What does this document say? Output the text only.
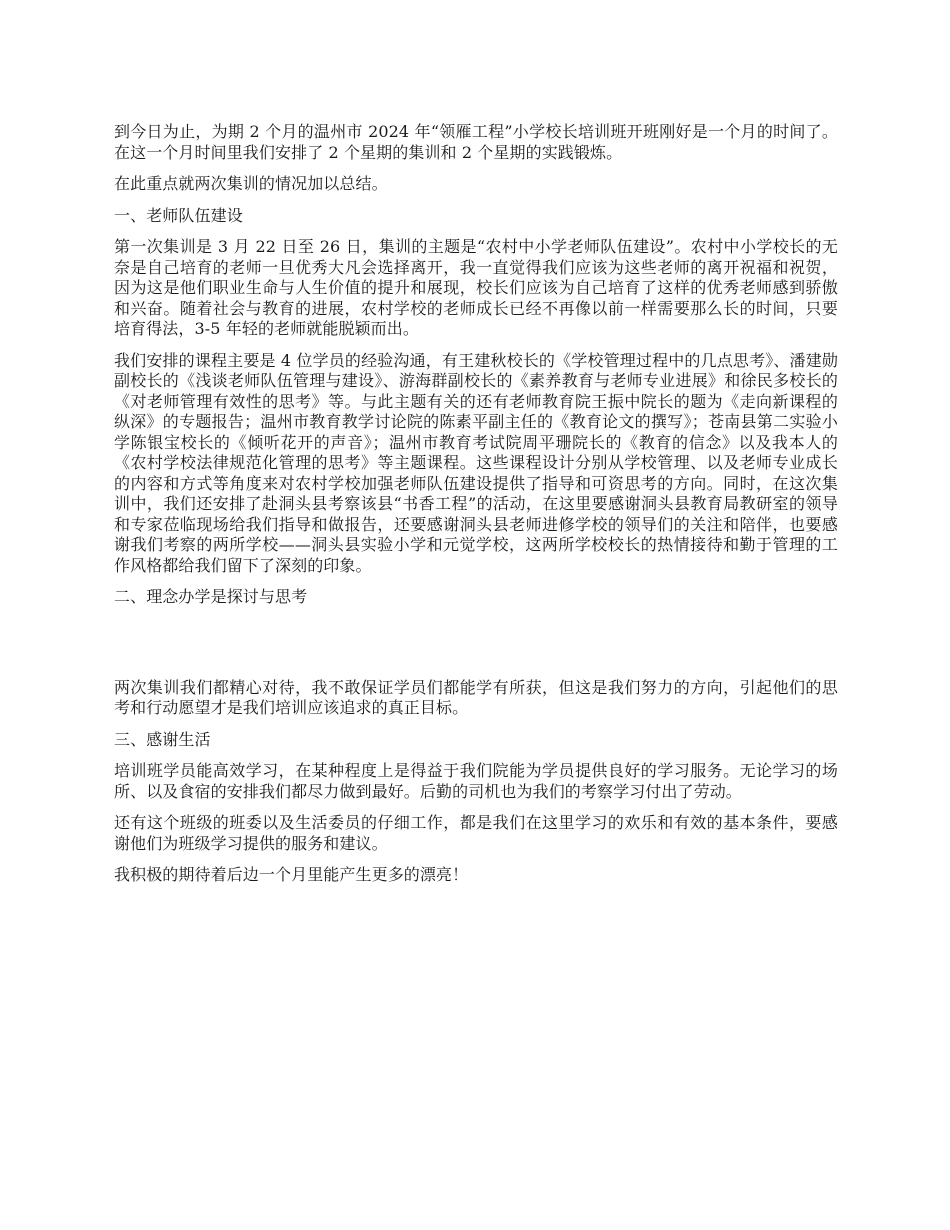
到今日为止，为期 2 个月的温州市 2024 年“领雁工程”小学校长培训班开班刚好是一个月的时间了。在这一个月时间里我们安排了 2 个星期的集训和 2 个星期的实践锻炼。

在此重点就两次集训的情况加以总结。

一、老师队伍建设

第一次集训是 3 月 22 日至 26 日，集训的主题是“农村中小学老师队伍建设”。农村中小学校长的无奈是自己培育的老师一旦优秀大凡会选择离开，我一直觉得我们应该为这些老师的离开祝福和祝贺，因为这是他们职业生命与人生价值的提升和展现，校长们应该为自己培育了这样的优秀老师感到骄傲和兴奋。随着社会与教育的进展，农村学校的老师成长已经不再像以前一样需要那么长的时间，只要培育得法，3-5 年轻的老师就能脱颖而出。

我们安排的课程主要是 4 位学员的经验沟通，有王建秋校长的《学校管理过程中的几点思考》、潘建勋副校长的《浅谈老师队伍管理与建设》、游海群副校长的《素养教育与老师专业进展》和徐民多校长的《对老师管理有效性的思考》等。与此主题有关的还有老师教育院王振中院长的题为《走向新课程的纵深》的专题报告；温州市教育教学讨论院的陈素平副主任的《教育论文的撰写》；苍南县第二实验小学陈银宝校长的《倾听花开的声音》；温州市教育考试院周平珊院长的《教育的信念》以及我本人的《农村学校法律规范化管理的思考》等主题课程。这些课程设计分别从学校管理、以及老师专业成长的内容和方式等角度来对农村学校加强老师队伍建设提供了指导和可资思考的方向。同时，在这次集训中，我们还安排了赴洞头县考察该县“书香工程”的活动，在这里要感谢洞头县教育局教研室的领导和专家莅临现场给我们指导和做报告，还要感谢洞头县老师进修学校的领导们的关注和陪伴，也要感谢我们考察的两所学校——洞头县实验小学和元觉学校，这两所学校校长的热情接待和勤于管理的工作风格都给我们留下了深刻的印象。

二、理念办学是探讨与思考

两次集训我们都精心对待，我不敢保证学员们都能学有所获，但这是我们努力的方向，引起他们的思考和行动愿望才是我们培训应该追求的真正目标。

三、感谢生活

培训班学员能高效学习，在某种程度上是得益于我们院能为学员提供良好的学习服务。无论学习的场所、以及食宿的安排我们都尽力做到最好。后勤的司机也为我们的考察学习付出了劳动。

还有这个班级的班委以及生活委员的仔细工作，都是我们在这里学习的欢乐和有效的基本条件，要感谢他们为班级学习提供的服务和建议。

我积极的期待着后边一个月里能产生更多的漂亮！
